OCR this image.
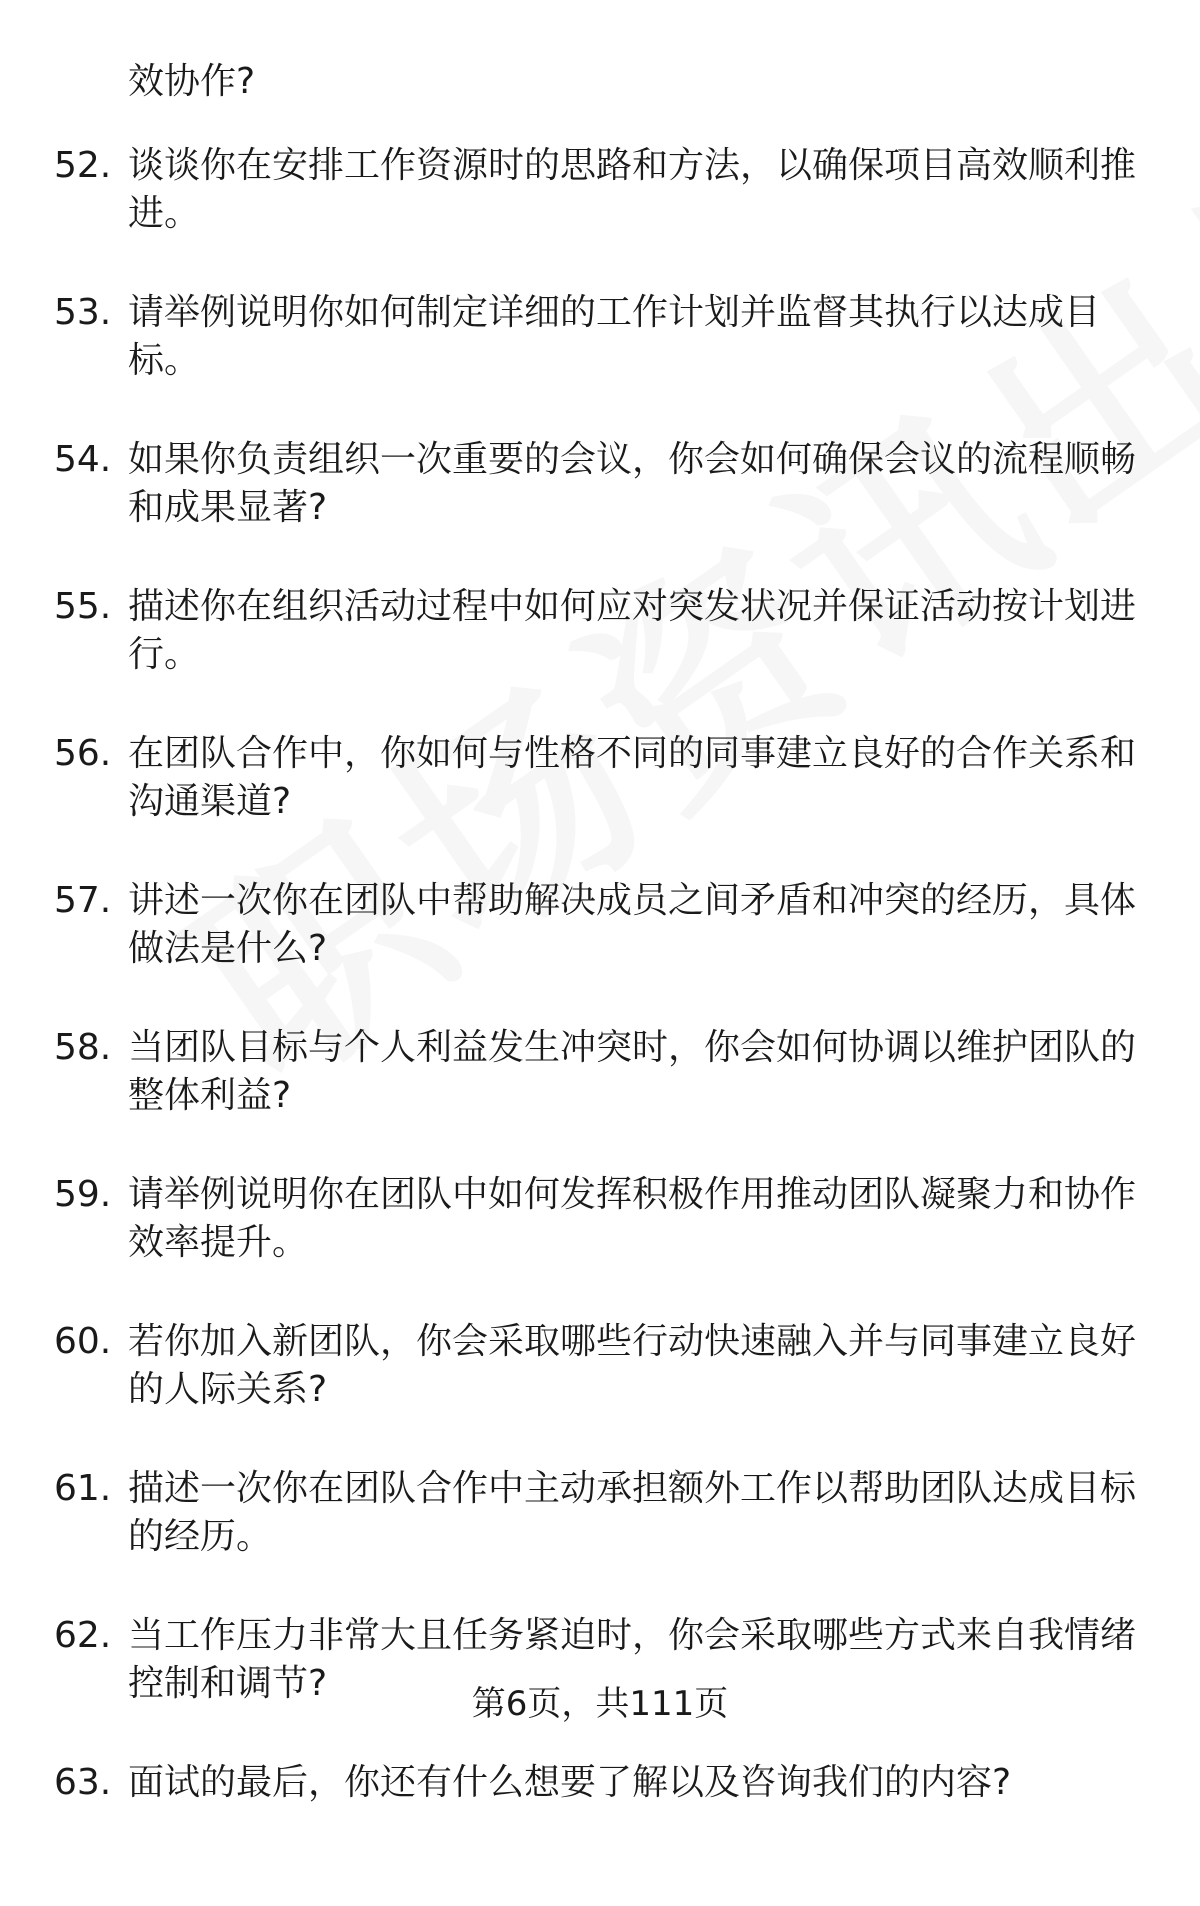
效协作?

52. 谈谈你在安排工作资源时的思路和方法，以确保项目高效顺利推进。
53. 请举例说明你如何制定详细的工作计划并监督其执行以达成目标。
54. 如果你负责组织一次重要的会议，你会如何确保会议的流程顺畅和成果显著?
55. 描述你在组织活动过程中如何应对突发状况并保证活动按计划进行。
56. 在团队合作中，你如何与性格不同的同事建立良好的合作关系和沟通渠道?
57. 讲述一次你在团队中帮助解决成员之间矛盾和冲突的经历，具体做法是什么?
58. 当团队目标与个人利益发生冲突时，你会如何协调以维护团队的整体利益?
59. 请举例说明你在团队中如何发挥积极作用推动团队凝聚力和协作效率提升。
60. 若你加入新团队，你会采取哪些行动快速融入并与同事建立良好的人际关系?
61. 描述一次你在团队合作中主动承担额外工作以帮助团队达成目标的经历。
62. 当工作压力非常大且任务紧迫时，你会采取哪些方式来自我情绪控制和调节?
63. 面试的最后，你还有什么想要了解以及咨询我们的内容?
第6页，共111页
